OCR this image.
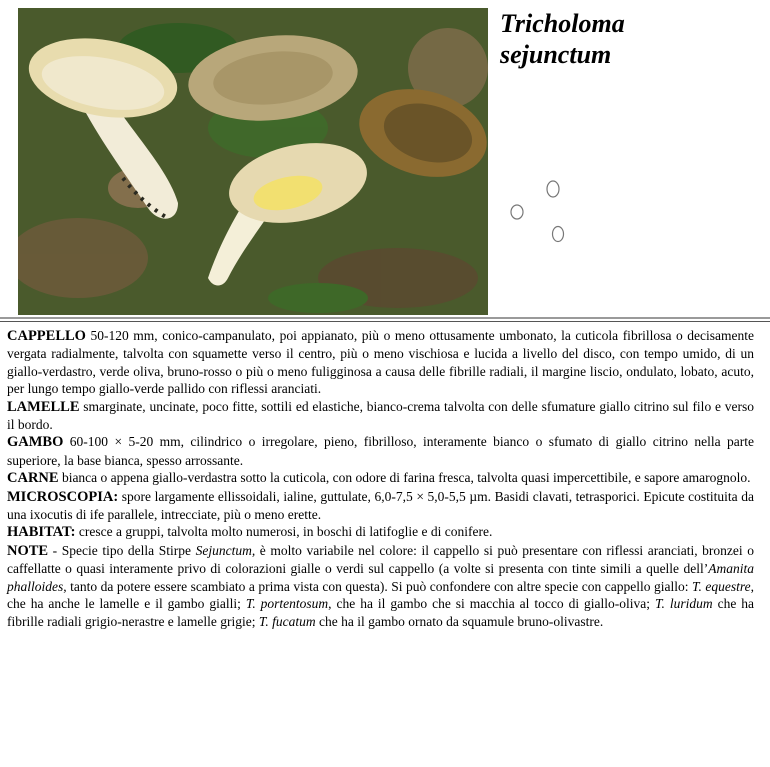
Tricholoma
sejunctum

CAPPELLO 50-120 mm, conico-campanulato, poi appianato, più o meno ottusamente umbonato, la cuticola fibrillosa o decisamente vergata radialmente, talvolta con squamette verso il centro, più o meno vischiosa e lucida a livello del disco, con tempo umido, di un giallo-verdastro, verde oliva, bruno-rosso o più o meno fuligginosa a causa delle fibrille radiali, il margine liscio, ondulato, lobato, acuto, per lungo tempo giallo-verde pallido con riflessi aranciati.

LAMELLE smarginate, uncinate, poco fitte, sottili ed elastiche, bianco-crema talvolta con delle sfumature giallo citrino sul filo e verso il bordo.

GAMBO 60-100 × 5-20 mm, cilindrico o irregolare, pieno, fibrilloso, interamente bianco o sfumato di giallo citrino nella parte superiore, la base bianca, spesso arrossante.

CARNE bianca o appena giallo-verdastra sotto la cuticola, con odore di farina fresca, talvolta quasi impercettibile, e sapore amarognolo.

MICROSCOPIA: spore largamente ellissoidali, ialine, guttulate, 6,0-7,5 × 5,0-5,5 µm. Basidi clavati, tetrasporici. Epicute costituita da una ixocutis di ife parallele, intrecciate, più o meno erette.

HABITAT: cresce a gruppi, talvolta molto numerosi, in boschi di latifoglie e di conifere.

NOTE - Specie tipo della Stirpe Sejunctum, è molto variabile nel colore: il cappello si può presentare con riflessi aranciati, bronzei o caffellatte o quasi interamente privo di colorazioni gialle o verdi sul cappello (a volte si presenta con tinte simili a quelle dell’Amanita phalloides, tanto da potere essere scambiato a prima vista con questa). Si può confondere con altre specie con cappello giallo: T. equestre, che ha anche le lamelle e il gambo gialli; T. portentosum, che ha il gambo che si macchia al tocco di giallo-oliva; T. luridum che ha fibrille radiali grigio-nerastre e lamelle grigie; T. fucatum che ha il gambo ornato da squamule bruno-olivastre.
